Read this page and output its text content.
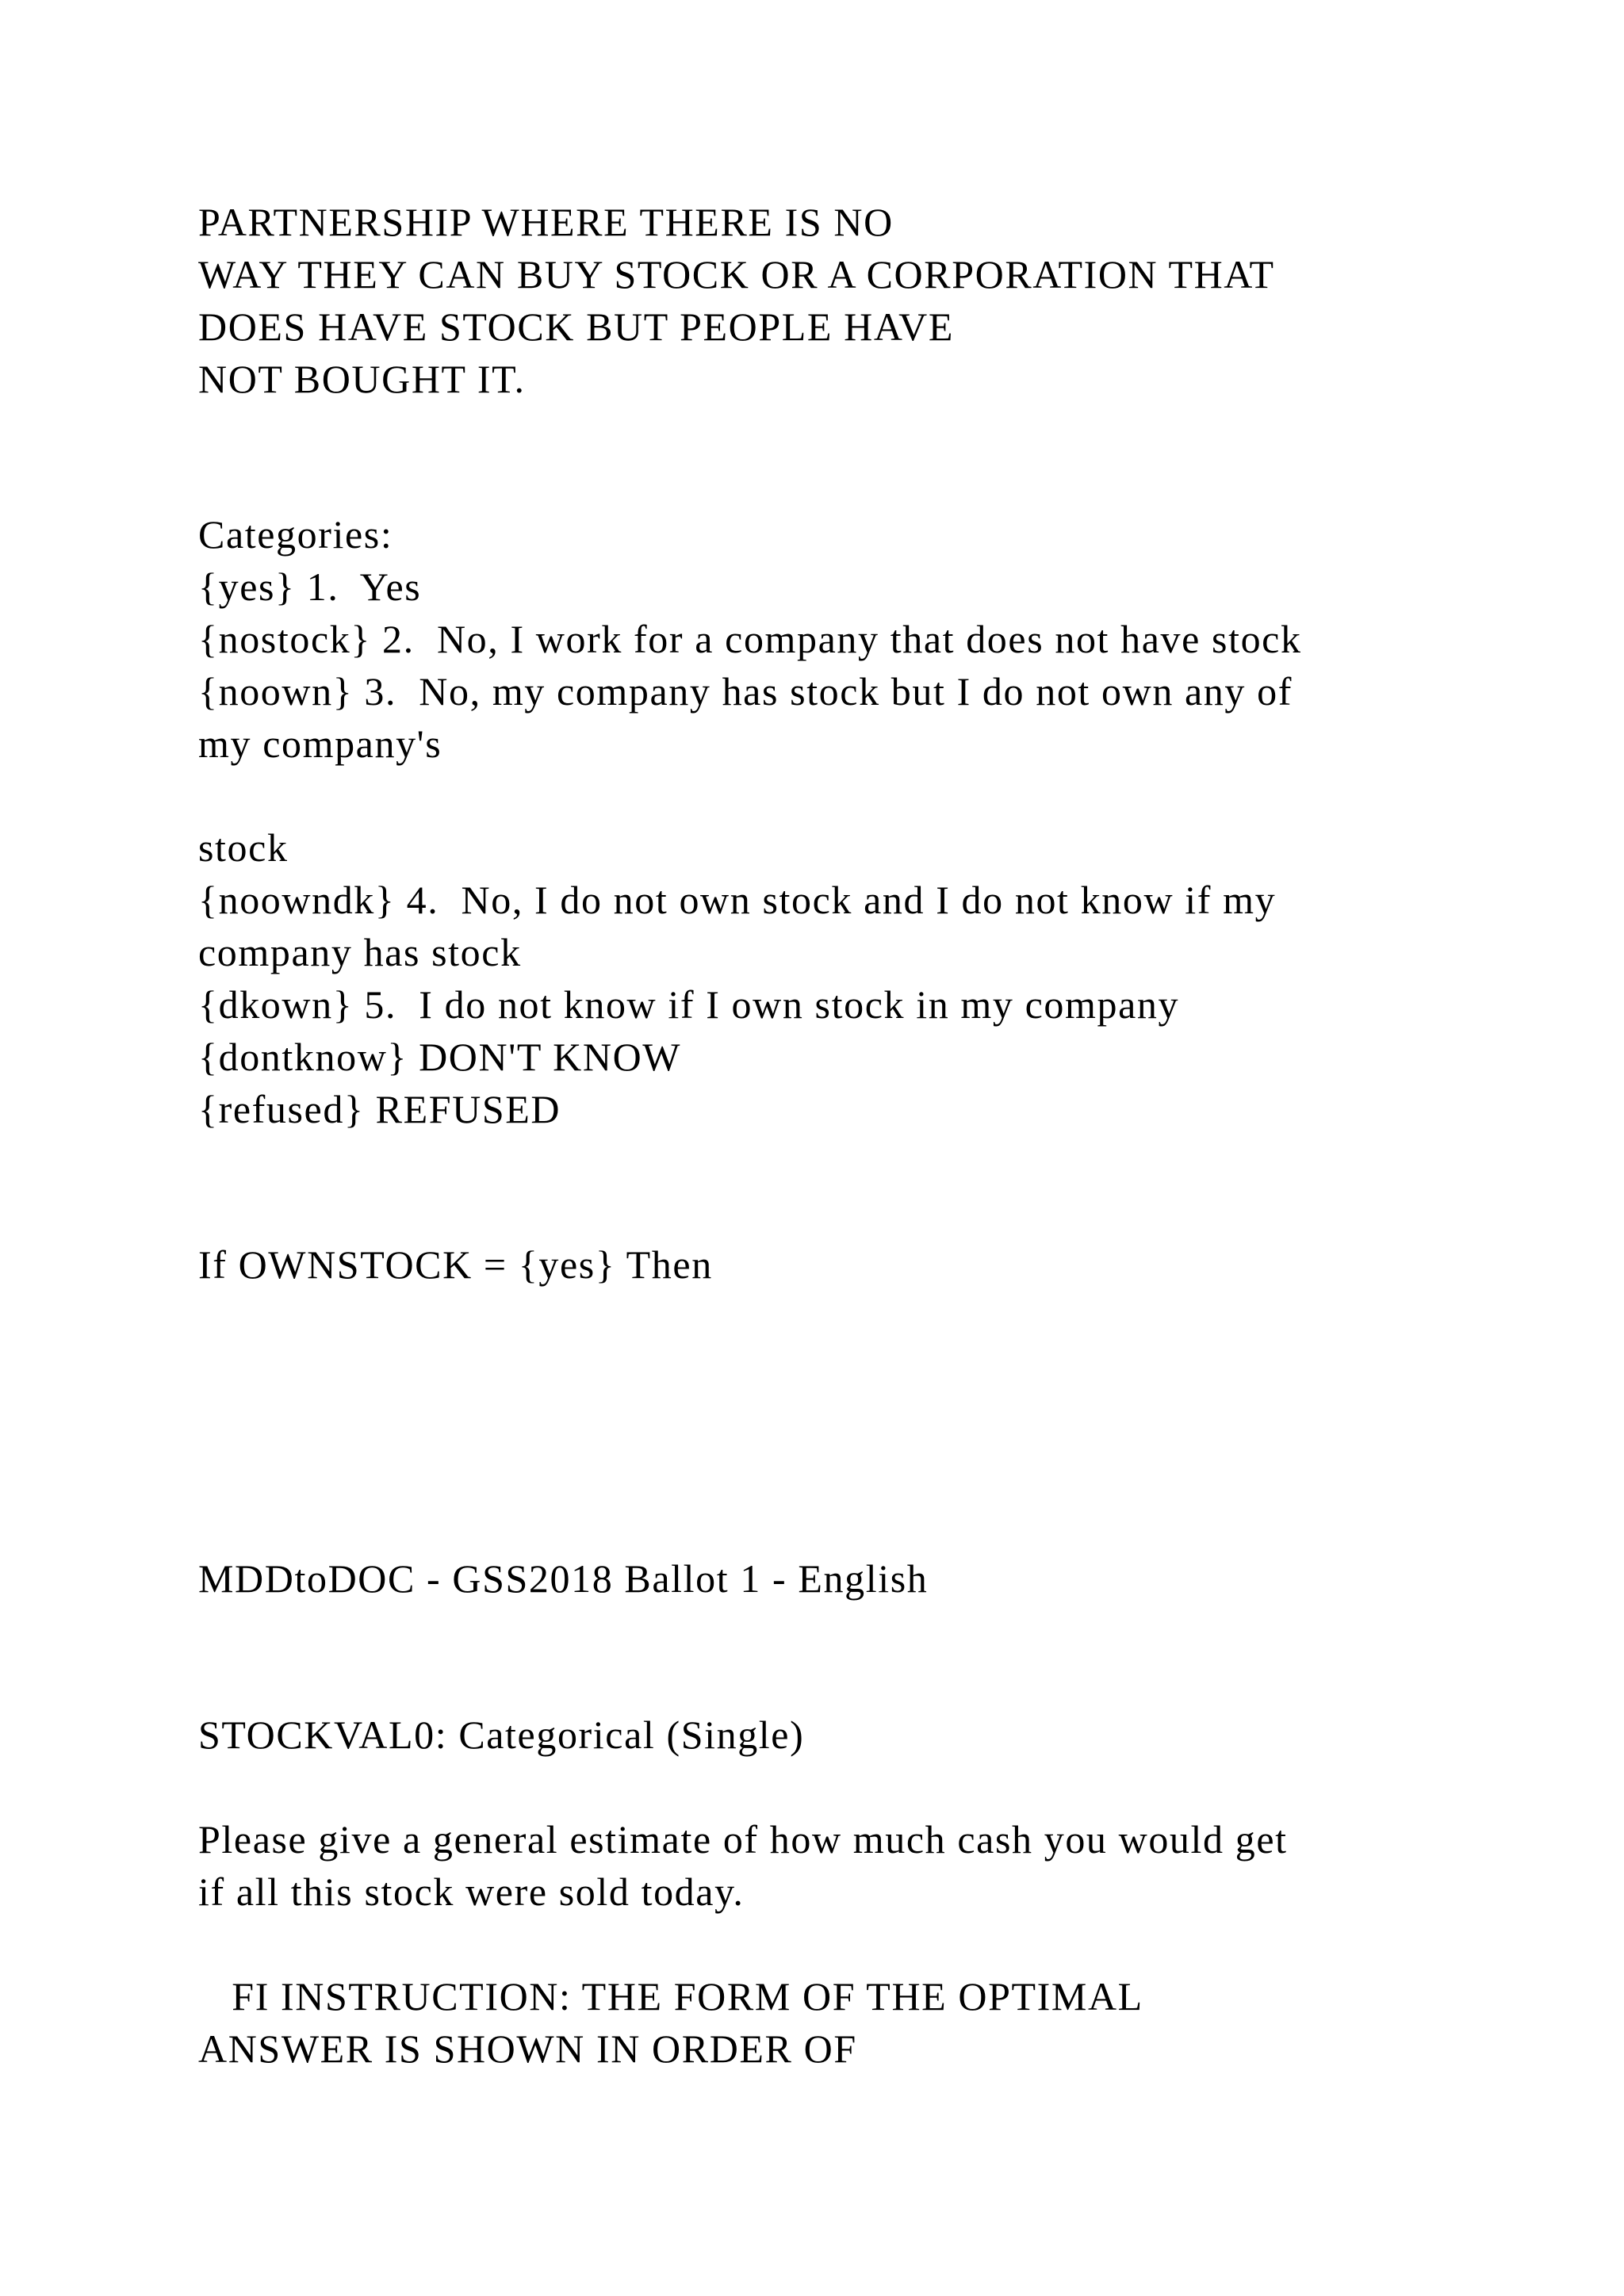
PARTNERSHIP WHERE THERE IS NO

WAY THEY CAN BUY STOCK OR A CORPORATION THAT

DOES HAVE STOCK BUT PEOPLE HAVE

NOT BOUGHT IT.

Categories:

{yes} 1.  Yes

{nostock} 2.  No, I work for a company that does not have stock

{noown} 3.  No, my company has stock but I do not own any of

my company's

stock

{noowndk} 4.  No, I do not own stock and I do not know if my

company has stock

{dkown} 5.  I do not know if I own stock in my company

{dontknow} DON'T KNOW

{refused} REFUSED

If OWNSTOCK = {yes} Then

MDDtoDOC - GSS2018 Ballot 1 - English

STOCKVAL0: Categorical (Single)

Please give a general estimate of how much cash you would get

if all this stock were sold today.

FI INSTRUCTION: THE FORM OF THE OPTIMAL

ANSWER IS SHOWN IN ORDER OF
